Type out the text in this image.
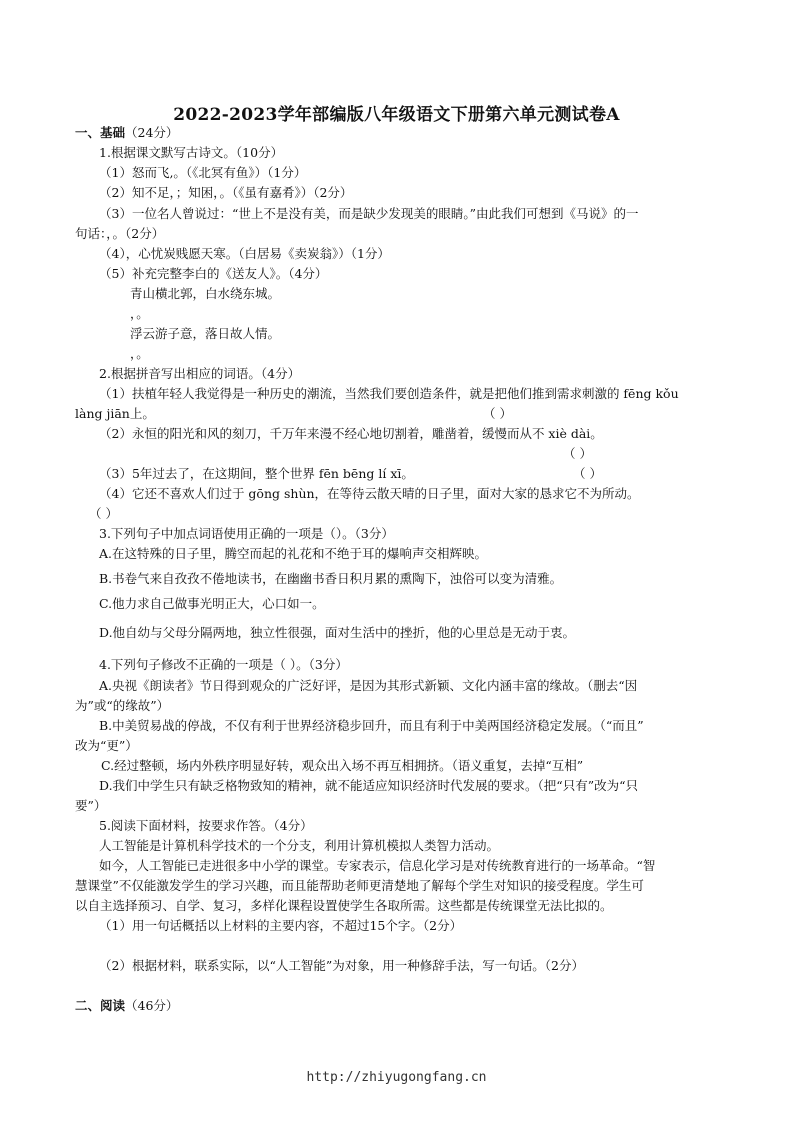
2022-2023学年部编版八年级语文下册第六单元测试卷A
一、基础（24分）
1.根据课文默写古诗文。（10分）
（1）怒而飞,。（《北冥有鱼》）（1分）
（2）知不足，；知困，。（《虽有嘉肴》）（2分）
（3）一位名人曾说过：“世上不是没有美，而是缺少发现美的眼睛。”由此我们可想到《马说》的一
句话：，。（2分）
（4），心忧炭贱愿天寒。（白居易《卖炭翁》）（1分）
（5）补充完整李白的《送友人》。（4分）
青山横北郭，白水绕东城。
，。
浮云游子意，落日故人情。
，。
2.根据拼音写出相应的词语。（4分）
（1）扶植年轻人我觉得是一种历史的潮流，当然我们要创造条件，就是把他们推到需求刺激的 fēng kǒu
làng jiān上。	（ ）
（2）永恒的阳光和风的刻刀，千万年来漫不经心地切割着，雕凿着，缓慢而从不 xiè dài。
（ ）
（3）5年过去了，在这期间，整个世界 fēn bēng lí xī。	（ ）
（4）它还不喜欢人们过于 gōng shùn，在等待云散天晴的日子里，面对大家的恳求它不为所动。
（ ）
3.下列句子中加点词语使用正确的一项是（）。（3分）
A.在这特殊的日子里，腾空而起的礼花和不绝于耳的爆响声交相辉映。
B.书卷气来自孜孜不倦地读书，在幽幽书香日积月累的熏陶下，浊俗可以变为清雅。
C.他力求自己做事光明正大，心口如一。
D.他自幼与父母分隔两地，独立性很强，面对生活中的挫折，他的心里总是无动于衷。
4.下列句子修改不正确的一项是（ ）。（3分）
A.央视《朗读者》节日得到观众的广泛好评，是因为其形式新颖、文化内涵丰富的缘故。（删去“因
为”或“的缘故”）
B.中美贸易战的停战，不仅有利于世界经济稳步回升，而且有利于中美两国经济稳定发展。（“而且”
改为“更”）
C.经过整顿，场内外秩序明显好转，观众出入场不再互相拥挤。（语义重复，去掉“互相”
D.我们中学生只有缺乏格物致知的精神，就不能适应知识经济时代发展的要求。（把“只有”改为“只
要”）
5.阅读下面材料，按要求作答。（4分）
人工智能是计算机科学技术的一个分支，利用计算机模拟人类智力活动。
如今，人工智能已走进很多中小学的课堂。专家表示，信息化学习是对传统教育进行的一场革命。“智
慧课堂”不仅能激发学生的学习兴趣，而且能帮助老师更清楚地了解每个学生对知识的接受程度。学生可
以自主选择预习、自学、复习，多样化课程设置使学生各取所需。这些都是传统课堂无法比拟的。
（1）用一句话概括以上材料的主要内容，不超过15个字。（2分）
（2）根据材料，联系实际，以“人工智能”为对象，用一种修辞手法，写一句话。（2分）
二、阅读（46分）
http://zhiyugongfang.cn
